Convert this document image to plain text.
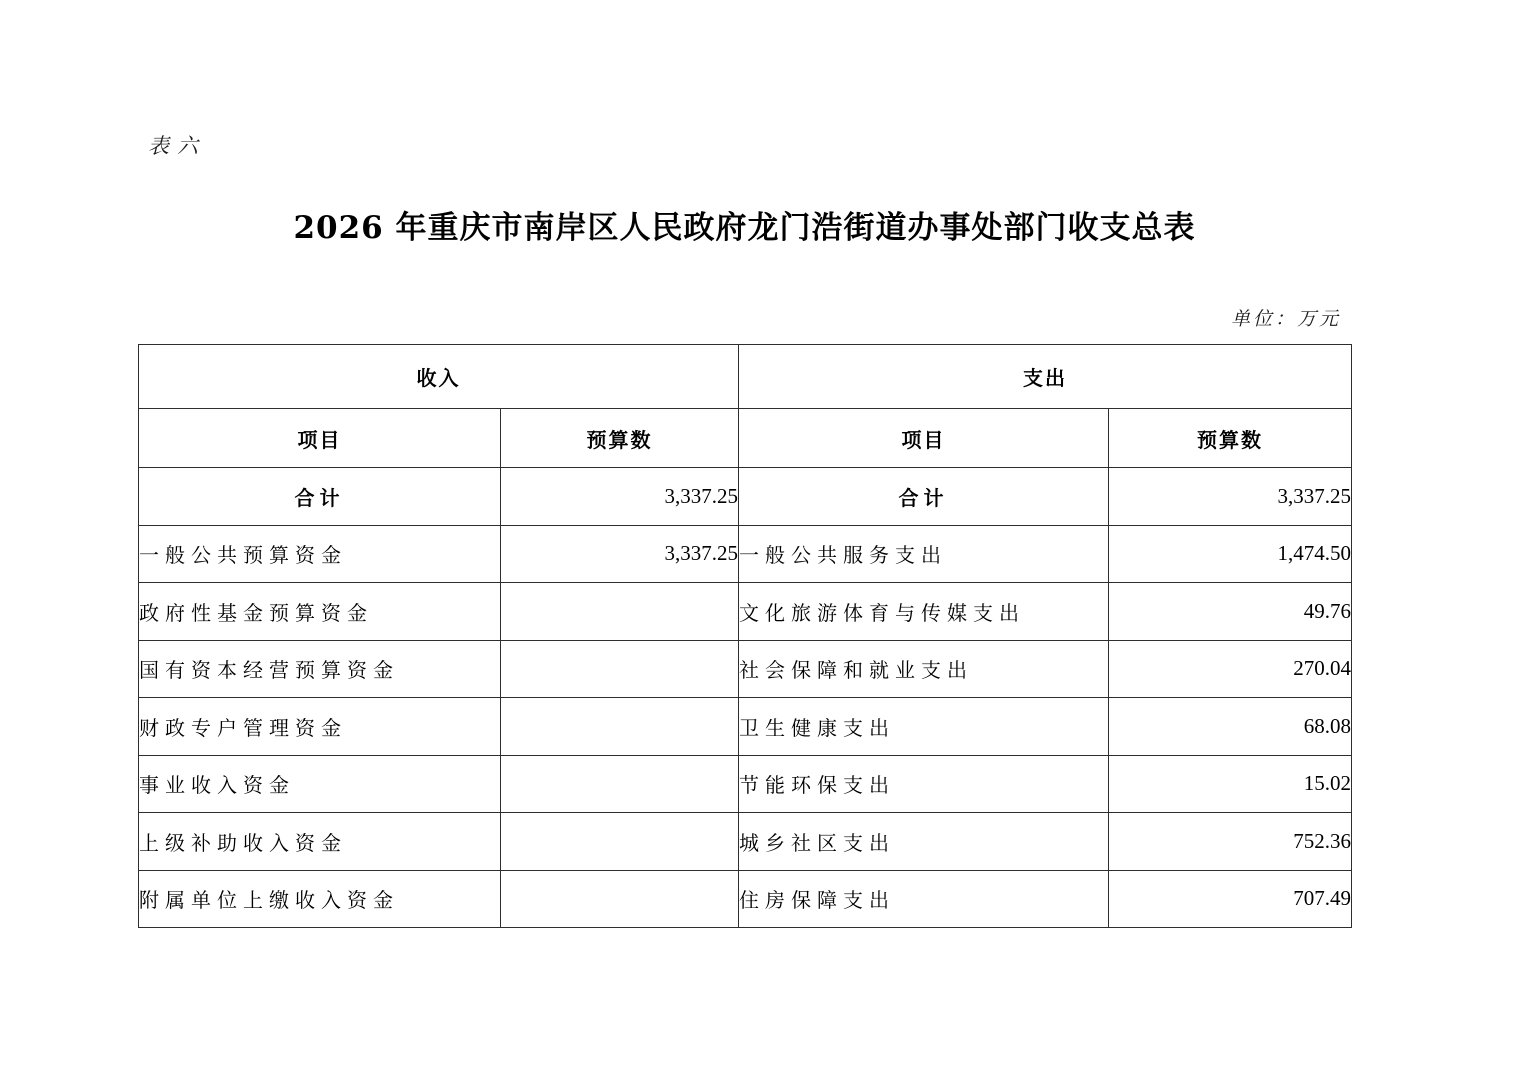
表六
2026 年重庆市南岸区人民政府龙门浩街道办事处部门收支总表
单位：万元
收入		支出	
项目	预算数	项目	预算数
合计	3,337.25	合计	3,337.25
一般公共预算资金	3,337.25	一般公共服务支出	1,474.50
政府性基金预算资金		文化旅游体育与传媒支出	49.76
国有资本经营预算资金		社会保障和就业支出	270.04
财政专户管理资金		卫生健康支出	68.08
事业收入资金		节能环保支出	15.02
上级补助收入资金		城乡社区支出	752.36
附属单位上缴收入资金		住房保障支出	707.49
